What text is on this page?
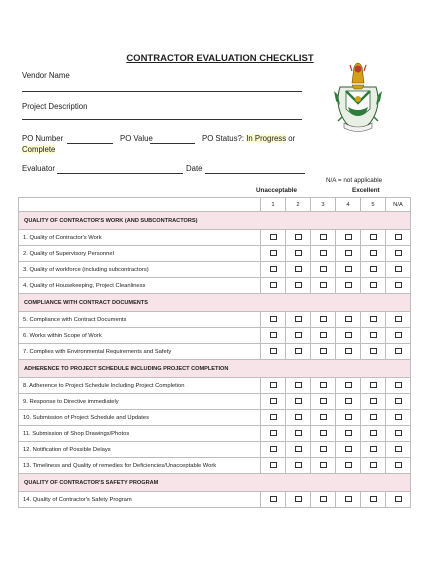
CONTRACTOR EVALUATION CHECKLIST
Vendor Name
Project Description
PO Number	PO Value	PO Status?: In Progress or
Complete
Evaluator	Date
N/A = not applicable
Unacceptable	Excellent
	1	2	3	4	5	N/A
QUALITY OF CONTRACTOR'S WORK (AND SUBCONTRACTORS)						
1. Quality of Contractor's Work						
2. Quality of Supervisory Personnel						
3. Quality of workforce (including subcontractors)						
4. Quality of Housekeeping, Project Cleanliness						
COMPLIANCE WITH CONTRACT DOCUMENTS						
5. Compliance with Contract Documents						
6. Works within Scope of Work						
7. Complies with Environmental Requirements and Safety						
ADHERENCE TO PROJECT SCHEDULE INCLUDING PROJECT COMPLETION						
8. Adherence to Project Schedule Including Project Completion						
9. Response to Directive immediately						
10. Submission of Project Schedule and Updates						
11. Submission of Shop Drawings/Photos						
12. Notification of Possible Delays						
13. Timeliness and Quality of remedies for Deficiencies/Unacceptable Work						
QUALITY OF CONTRACTOR'S SAFETY PROGRAM						
14. Quality of Contractor's Safety Program						
